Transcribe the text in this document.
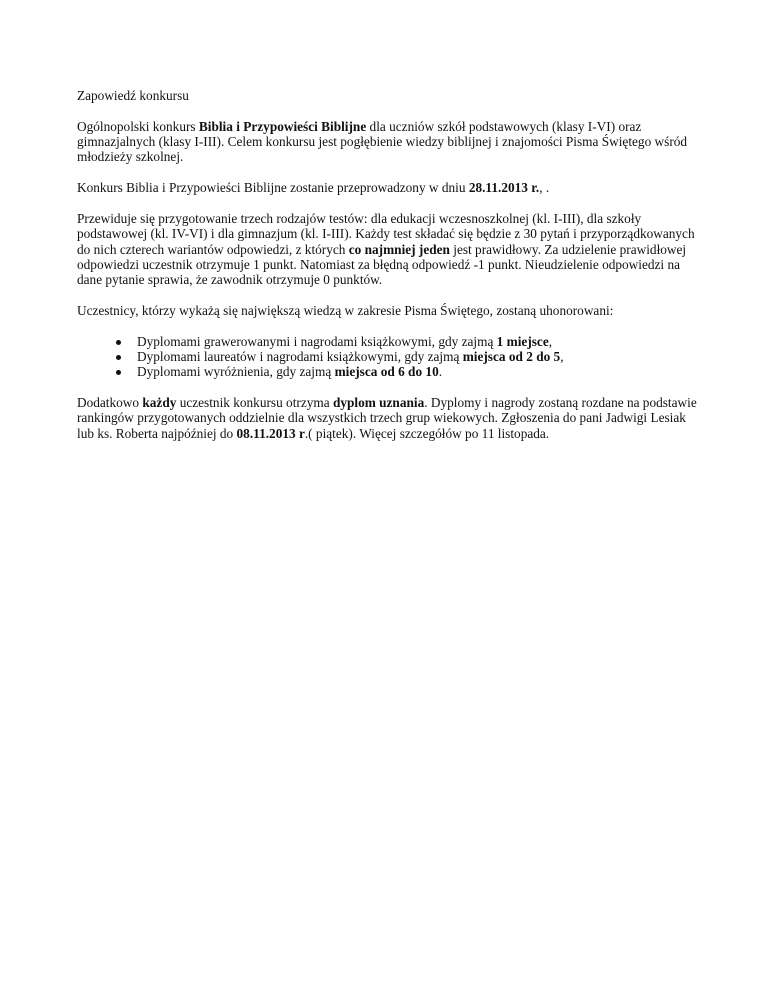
Zapowiedź konkursu

Ogólnopolski konkurs Biblia i Przypowieści Biblijne dla uczniów szkół podstawowych (klasy I-VI) oraz gimnazjalnych (klasy I-III). Celem konkursu jest pogłębienie wiedzy biblijnej i znajomości Pisma Świętego wśród młodzieży szkolnej.

Konkurs Biblia i Przypowieści Biblijne zostanie przeprowadzony w dniu 28.11.2013 r., .

Przewiduje się przygotowanie trzech rodzajów testów: dla edukacji wczesnoszkolnej (kl. I-III), dla szkoły podstawowej (kl. IV-VI) i dla gimnazjum (kl. I-III). Każdy test składać się będzie z 30 pytań i przyporządkowanych do nich czterech wariantów odpowiedzi, z których co najmniej jeden jest prawidłowy. Za udzielenie prawidłowej odpowiedzi uczestnik otrzymuje 1 punkt. Natomiast za błędną odpowiedź -1 punkt. Nieudzielenie odpowiedzi na dane pytanie sprawia, że zawodnik otrzymuje 0 punktów.

Uczestnicy, którzy wykażą się największą wiedzą w zakresie Pisma Świętego, zostaną uhonorowani:

Dyplomami grawerowanymi i nagrodami książkowymi, gdy zajmą 1 miejsce,
Dyplomami laureatów i nagrodami książkowymi, gdy zajmą miejsca od 2 do 5,
Dyplomami wyróżnienia, gdy zajmą miejsca od 6 do 10.

Dodatkowo każdy uczestnik konkursu otrzyma dyplom uznania. Dyplomy i nagrody zostaną rozdane na podstawie rankingów przygotowanych oddzielnie dla wszystkich trzech grup wiekowych. Zgłoszenia do pani Jadwigi Lesiak lub ks. Roberta najpóźniej do 08.11.2013 r.( piątek). Więcej szczegółów po 11 listopada.
